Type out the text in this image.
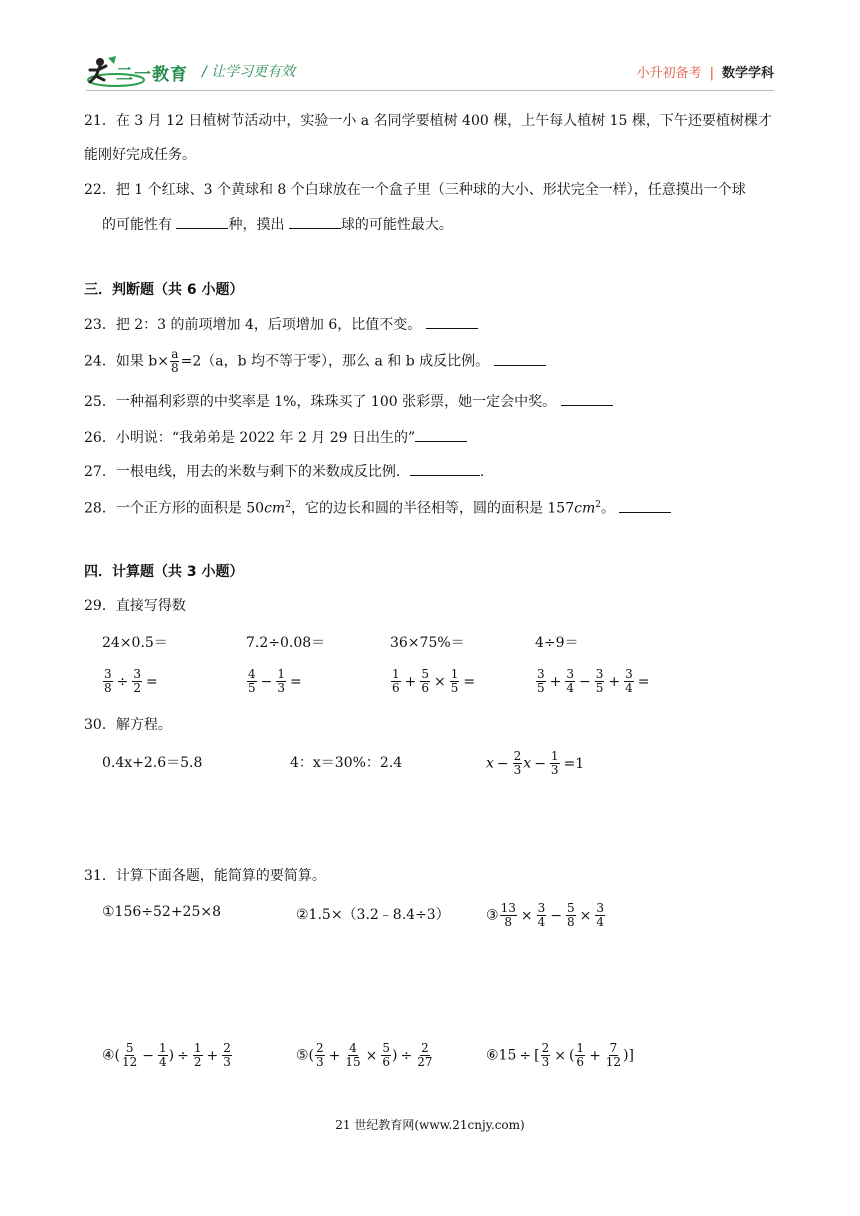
二一教育 / 让学习更有效	小升初备考 | 数学学科
21．在 3 月 12 日植树节活动中，实验一小 a 名同学要植树 400 棵，上午每人植树 15 棵，下午还要植树棵才能刚好完成任务。
22．把 1 个红球、3 个黄球和 8 个白球放在一个盒子里（三种球的大小、形状完全一样），任意摸出一个球
的可能性有	种，摸出	球的可能性最大。
三．判断题（共 6 小题）
23．把 2：3 的前项增加 4，后项增加 6，比值不变。
24．如果 $b\times \frac{a}{8} =2(a$，b 均不等于零），那么 a 和 b 成反比例。
25．一种福利彩票的中奖率是 1%，珠珠买了 100 张彩票，她一定会中奖。
26．小明说：“我弟弟是 2022 年 2 月 29 日出生的”
27．一根电线，用去的米数与剩下的米数成反比例．	.
28．一个正方形的面积是 $50cm^2$，它的边长和圆的半径相等，圆的面积是 $157cm^2$。
四．计算题（共 3 小题）
29．直接写得数
24×0.5＝	7.2÷0.08＝	36×75%＝	4÷9＝
$\frac{3}{8} \div \frac{3}{2}$ =	$\frac{4}{5} - \frac{1}{3}$ =	$\frac{1}{6} + \frac{5}{6} \times \frac{1}{5}$ =	$\frac{3}{5} + \frac{3}{4} - \frac{3}{5} + \frac{3}{4}$ =
30．解方程。
0.4x+2.6＝5.8	4：x＝30%：2.4	$x - \frac{2}{3}$ $x - \frac{1}{3} =1$
31．计算下面各题，能简算的要简算。
①156÷52+25×8	②1.5×（3.2﹣8.4÷3）	③ $\frac{13}{8} \times \frac{3}{4} - \frac{5}{8} \times \frac{3}{4}$
④( $\frac{5}{12} - \frac{1}{4}$ ) ÷ $\frac{1}{2} + \frac{2}{3}$	⑤( $\frac{2}{3} + \frac{4}{15} \times \frac{5}{6}$ ) ÷ $\frac{2}{27}$	⑥15 ÷ [ $\frac{2}{3}$ × ( $\frac{1}{6} + \frac{7}{12}$ )]
21 世纪教育网(www.21cnjy.com)
